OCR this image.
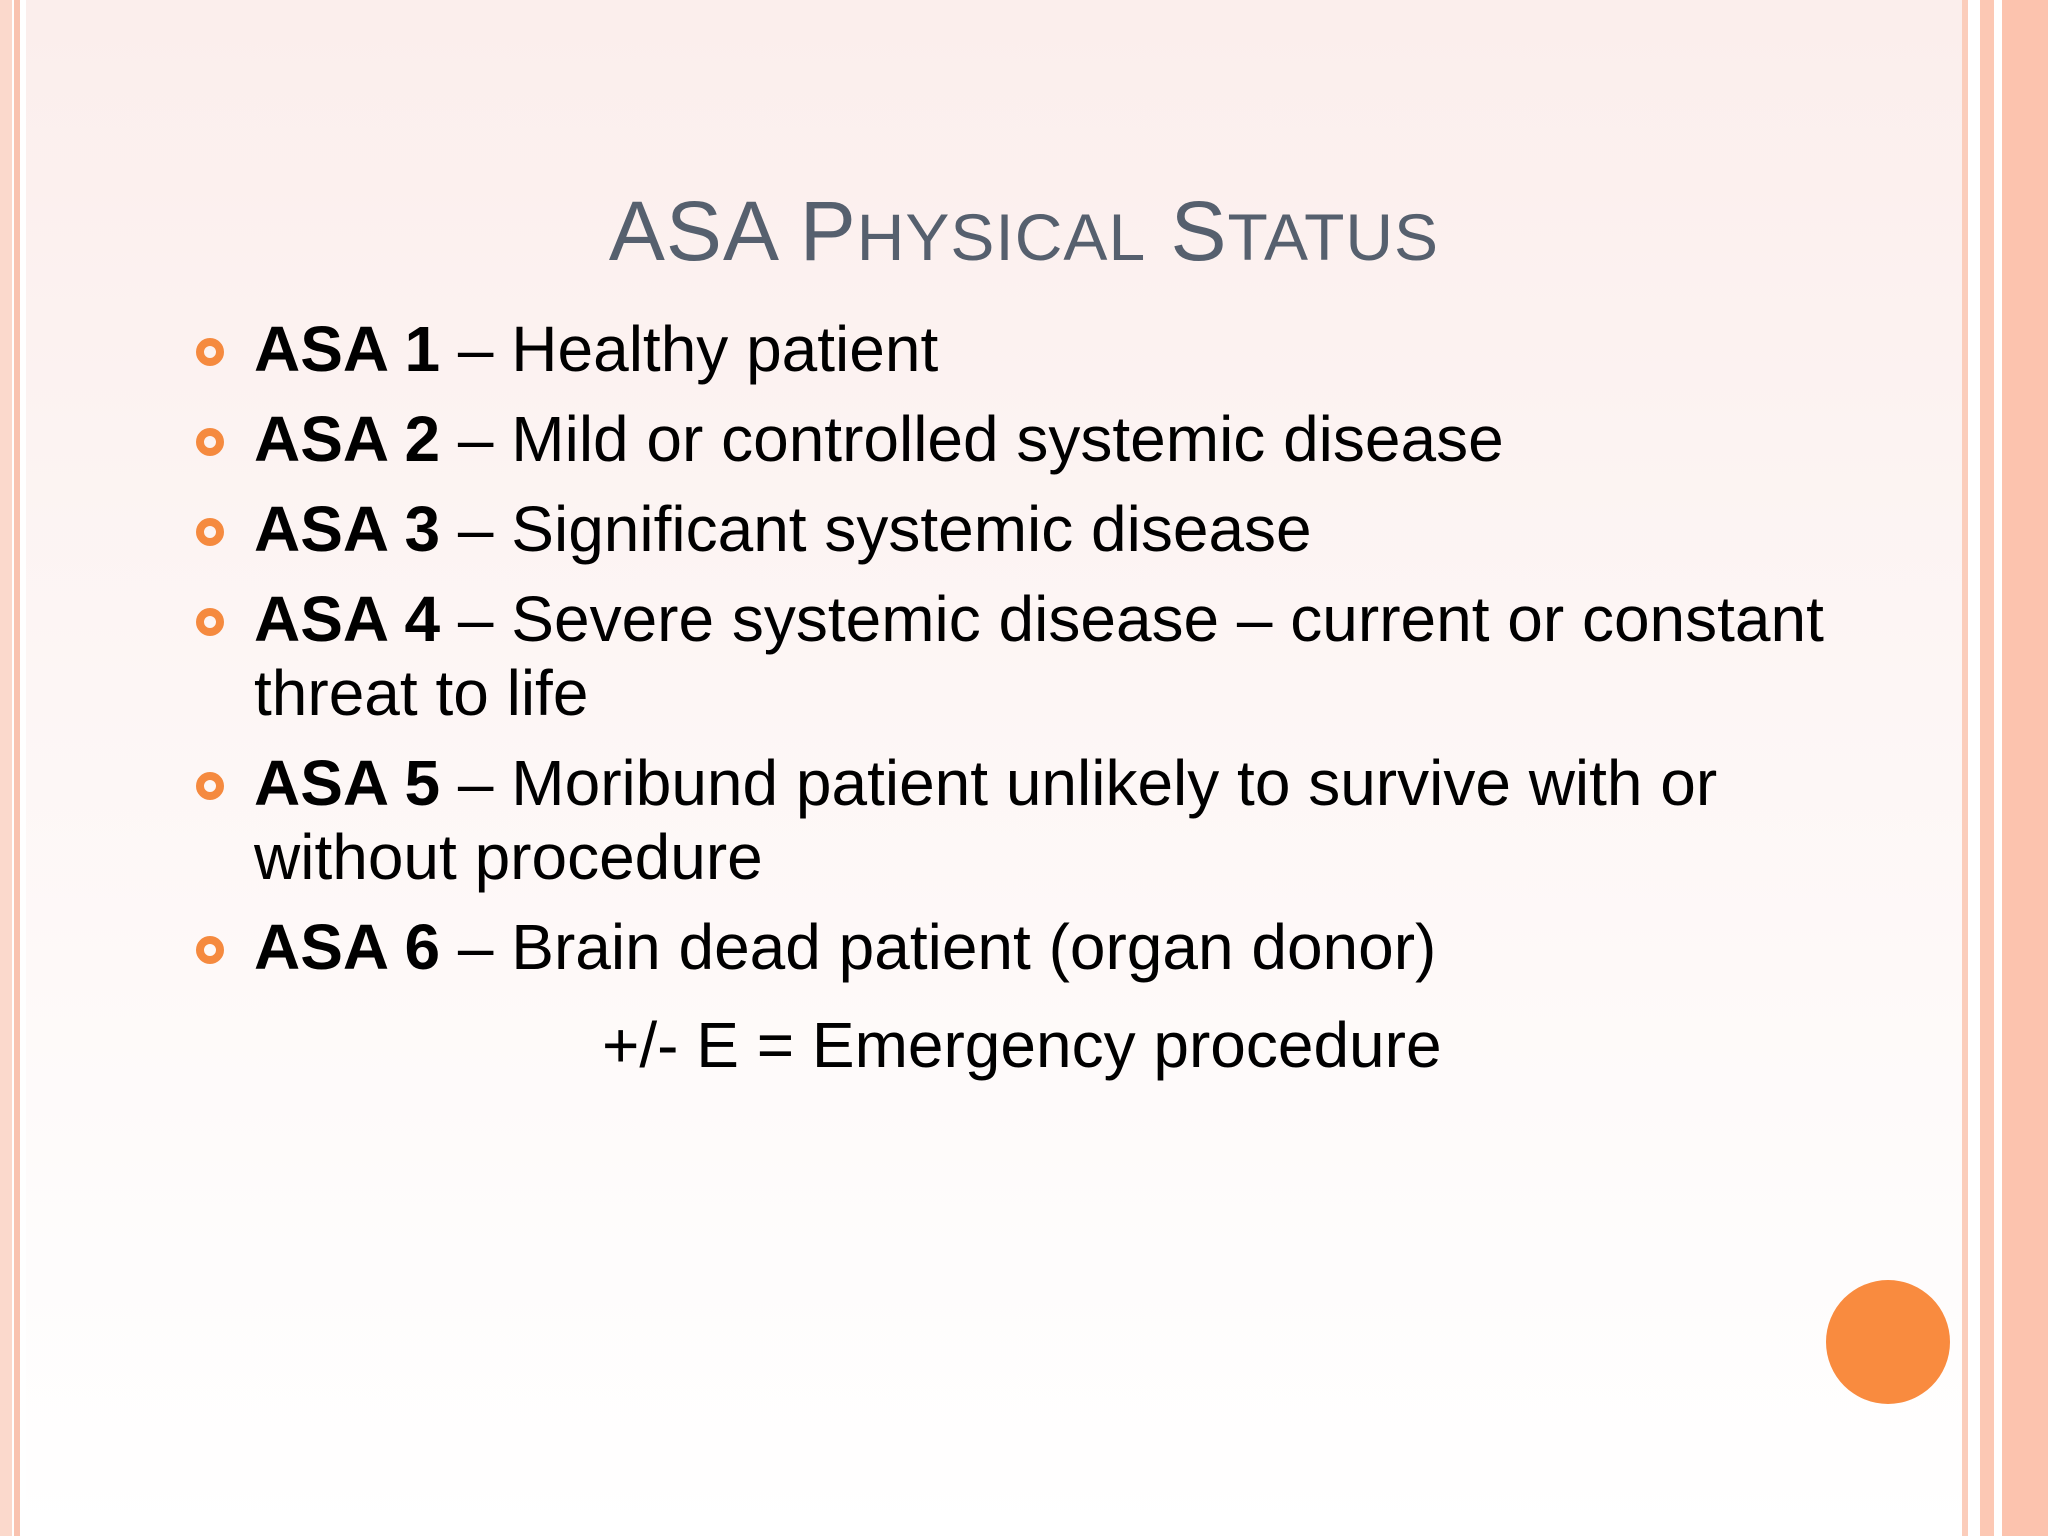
ASA PHYSICAL STATUS
ASA 1 – Healthy patient
ASA 2 – Mild or controlled systemic disease
ASA 3 – Significant systemic disease
ASA 4 – Severe systemic disease – current or constant threat to life
ASA 5 – Moribund patient unlikely to survive with or without procedure
ASA 6 – Brain dead patient (organ donor)
+/- E = Emergency procedure
